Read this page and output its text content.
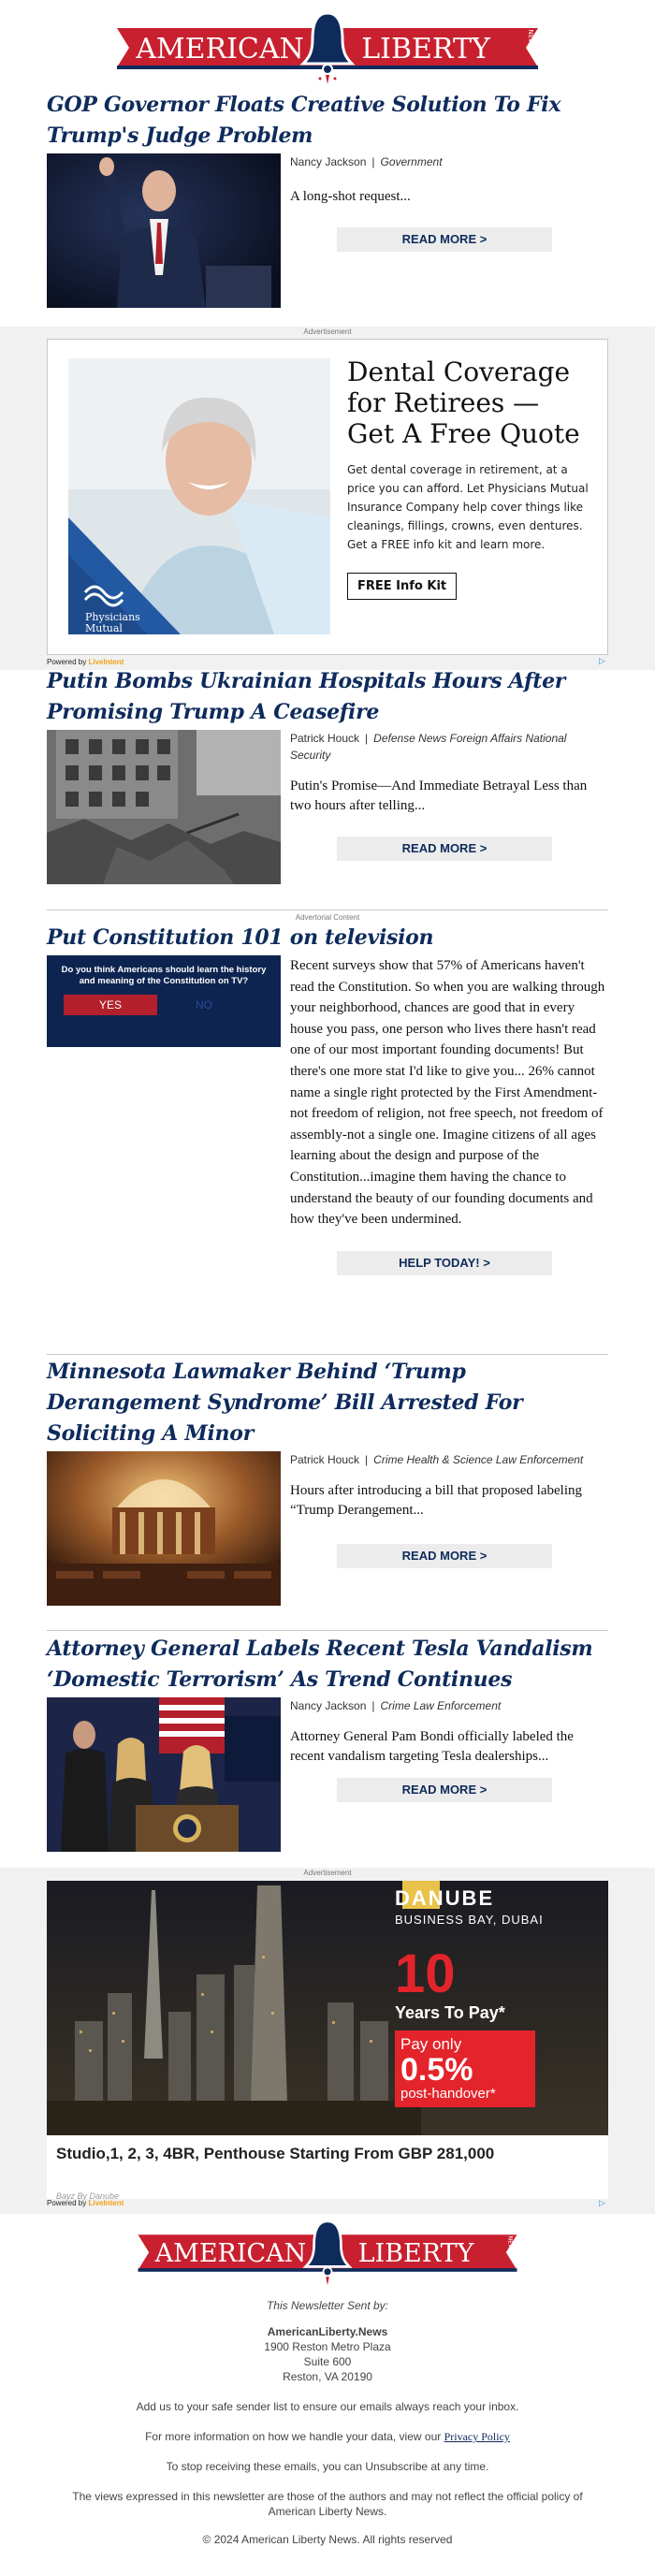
AMERICAN LIBERTY	NEWS
GOP Governor Floats Creative Solution To Fix Trump's Judge Problem
Nancy Jackson | Government

A long-shot request...

READ MORE >
Advertisement
Physicians
Mutual
Dental Coverage for Retirees — Get A Free Quote

Get dental coverage in retirement, at a price you can afford. Let Physicians Mutual Insurance Company help cover things like cleanings, fillings, crowns, even dentures. Get a FREE info kit and learn more.

FREE Info Kit
Powered by LiveIntent	▷
Putin Bombs Ukrainian Hospitals Hours After Promising Trump A Ceasefire
Patrick Houck | Defense News Foreign Affairs National Security

Putin's Promise—And Immediate Betrayal Less than two hours after telling...

READ MORE >
Advertorial Content
Put Constitution 101 on television
Do you think Americans should learn the history and meaning of the Constitution on TV?
YES	NO

Recent surveys show that 57% of Americans haven't read the Constitution. So when you are walking through your neighborhood, chances are good that in every house you pass, one person who lives there hasn't read one of our most important founding documents! But there's one more stat I'd like to give you... 26% cannot name a single right protected by the First Amendment-not freedom of religion, not free speech, not freedom of assembly-not a single one. Imagine citizens of all ages learning about the design and purpose of the Constitution...imagine them having the chance to understand the beauty of our founding documents and how they've been undermined.

HELP TODAY! >
Minnesota Lawmaker Behind ‘Trump Derangement Syndrome’ Bill Arrested For Soliciting A Minor
Patrick Houck | Crime Health & Science Law Enforcement

Hours after introducing a bill that proposed labeling “Trump Derangement...

READ MORE >
Attorney General Labels Recent Tesla Vandalism ‘Domestic Terrorism’ As Trend Continues
Nancy Jackson | Crime Law Enforcement

Attorney General Pam Bondi officially labeled the recent vandalism targeting Tesla dealerships...

READ MORE >
Advertisement
DANUBE
BUSINESS BAY, DUBAI
10
Years To Pay*
Pay only
0.5%
post-handover*
Studio,1, 2, 3, 4BR, Penthouse Starting From GBP 281,000
Bayz By Danube
Powered by LiveIntent	▷
AMERICAN LIBERTY	NEWS

This Newsletter Sent by:

AmericanLiberty.News

1900 Reston Metro Plaza

Suite 600

Reston, VA 20190

Add us to your safe sender list to ensure our emails always reach your inbox.

For more information on how we handle your data, view our Privacy Policy

To stop receiving these emails, you can Unsubscribe at any time.

The views expressed in this newsletter are those of the authors and may not reflect the official policy of American Liberty News.

© 2024 American Liberty News. All rights reserved
